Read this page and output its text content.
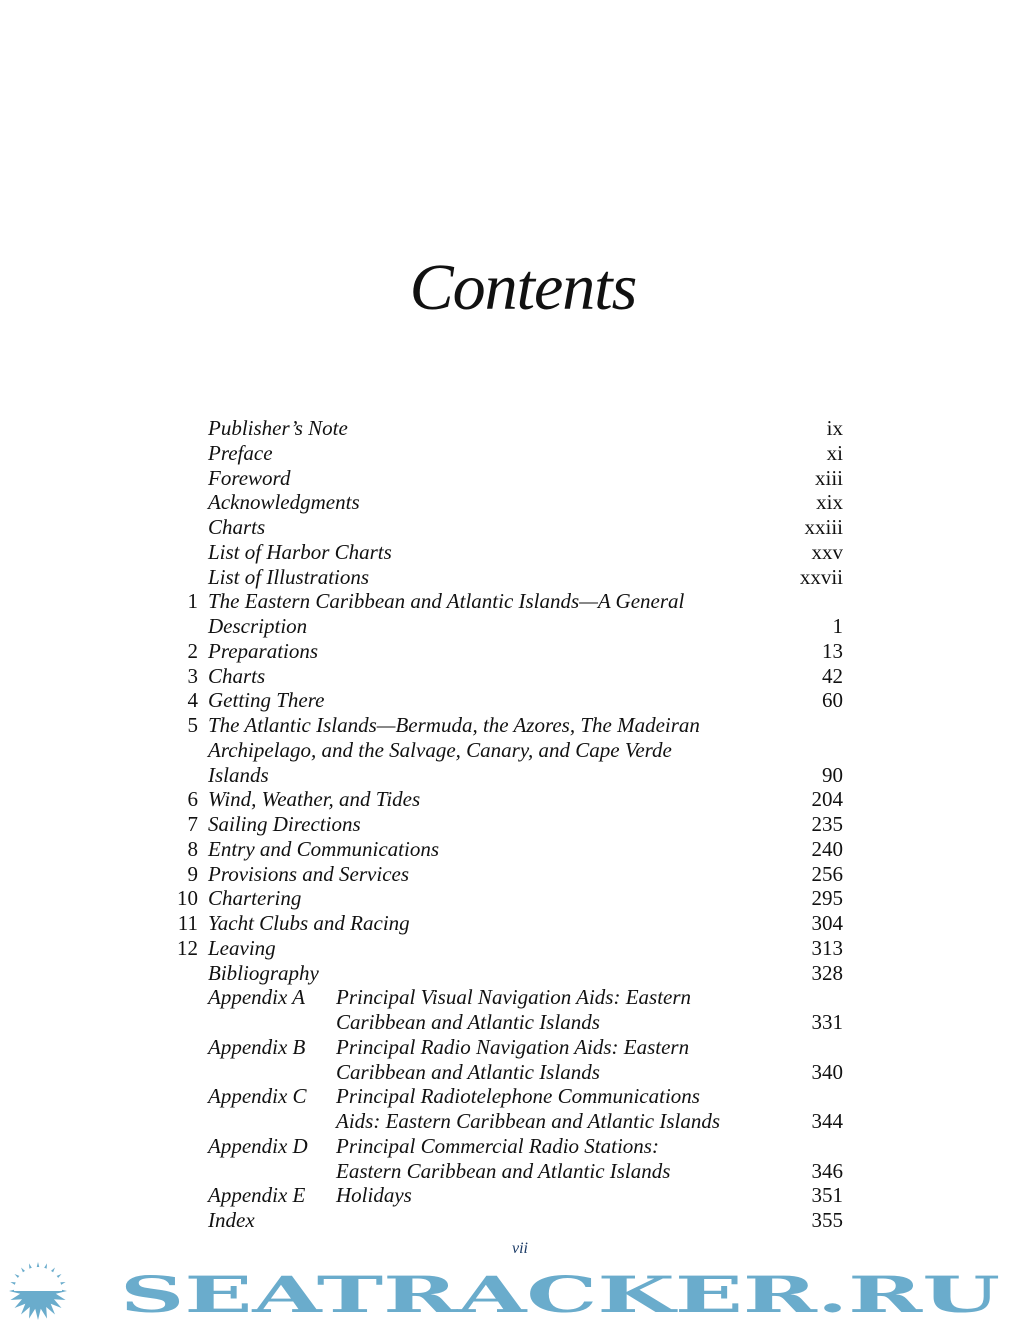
Contents
Publisher’s Note	ix
Preface	xi
Foreword	xiii
Acknowledgments	xix
Charts	xxiii
List of Harbor Charts	xxv
List of Illustrations	xxvii
1 The Eastern Caribbean and Atlantic Islands—A General
Description	1
2 Preparations	13
3 Charts	42
4 Getting There	60
5 The Atlantic Islands—Bermuda, the Azores, The Madeiran
Archipelago, and the Salvage, Canary, and Cape Verde
Islands	90
6 Wind, Weather, and Tides	204
7 Sailing Directions	235
8 Entry and Communications	240
9 Provisions and Services	256
10 Chartering	295
11 Yacht Clubs and Racing	304
12 Leaving	313
Bibliography	328
Appendix A Principal Visual Navigation Aids: Eastern
Caribbean and Atlantic Islands	331
Appendix B Principal Radio Navigation Aids: Eastern
Caribbean and Atlantic Islands	340
Appendix C Principal Radiotelephone Communications
Aids: Eastern Caribbean and Atlantic Islands	344
Appendix D Principal Commercial Radio Stations:
Eastern Caribbean and Atlantic Islands	346
Appendix E Holidays	351
Index	355
vii
SEATRACKER.RU
